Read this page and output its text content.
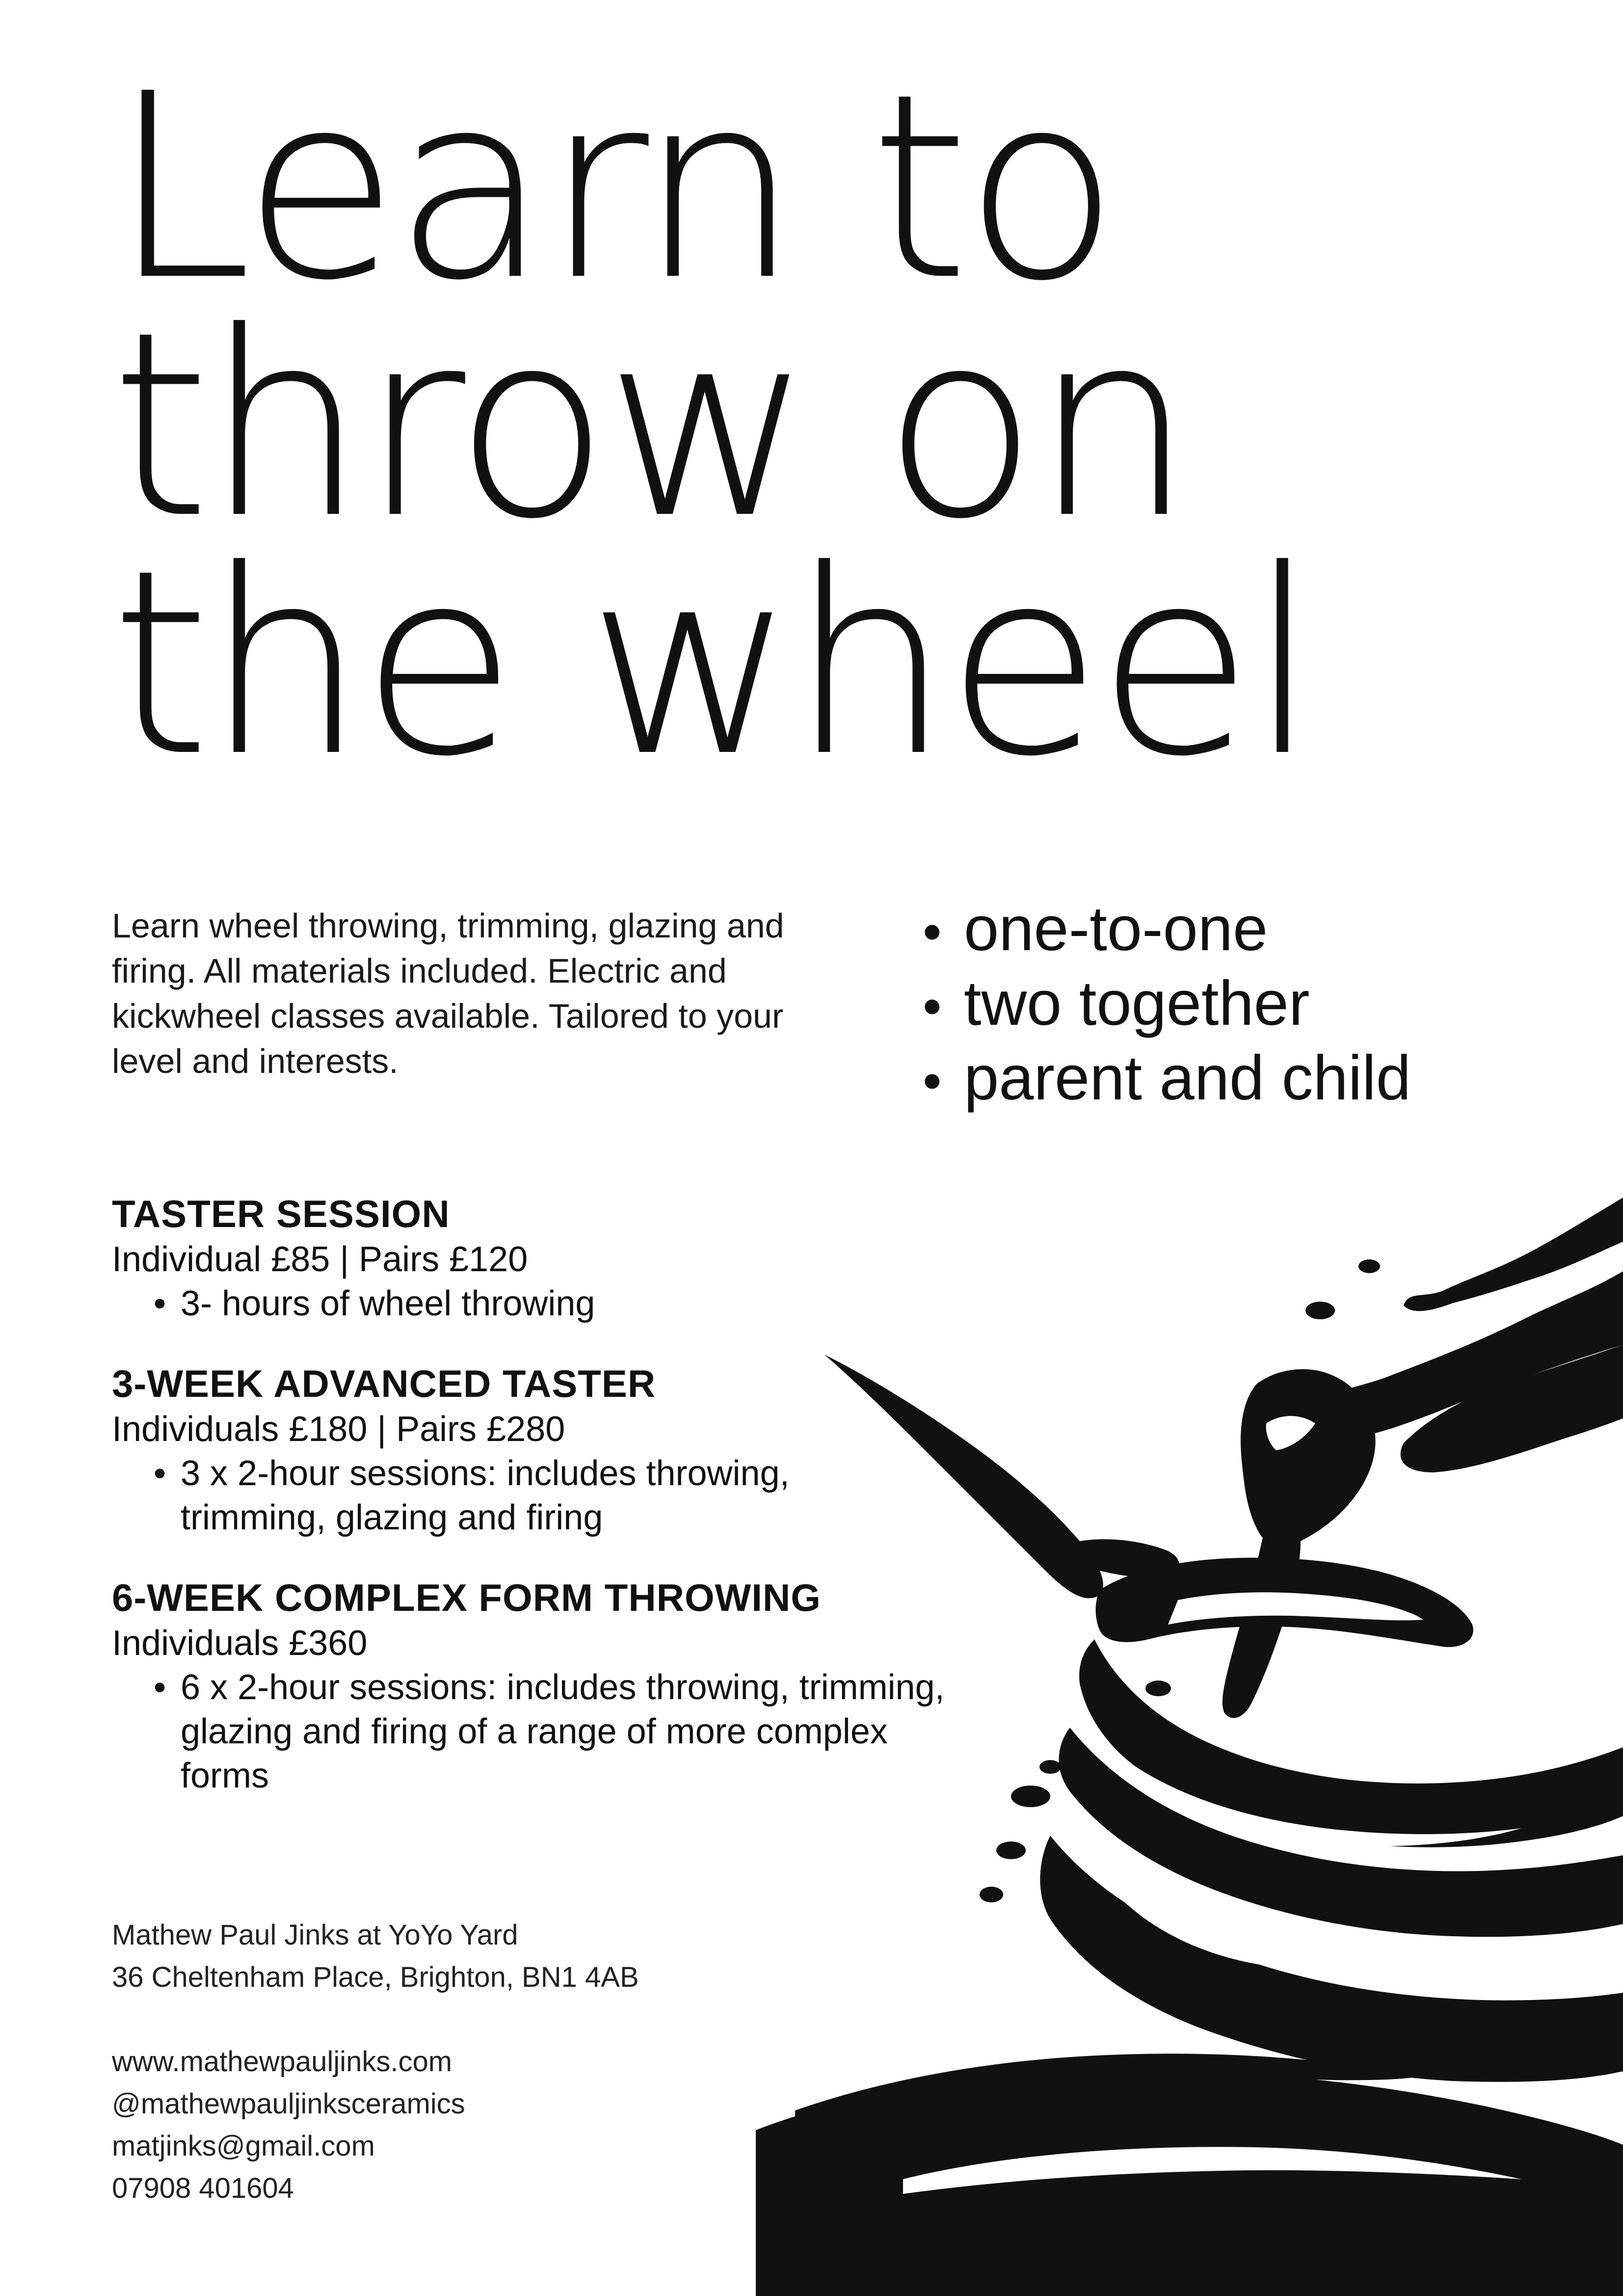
Learn to
throw on
the wheel

Learn wheel throwing, trimming, glazing and firing. All materials included. Electric and kickwheel classes available. Tailored to your level and interests.

• one-to-one
• two together
• parent and child
TASTER SESSION
Individual £85 | Pairs £120
• 3- hours of wheel throwing
3-WEEK ADVANCED TASTER
Individuals £180 | Pairs £280
• 3 x 2-hour sessions: includes throwing, trimming, glazing and firing
6-WEEK COMPLEX FORM THROWING
Individuals £360
• 6 x 2-hour sessions: includes throwing, trimming, glazing and firing of a range of more complex forms
Mathew Paul Jinks at YoYo Yard
36 Cheltenham Place, Brighton, BN1 4AB
www.mathewpauljinks.com
@mathewpauljinksceramics
matjinks@gmail.com
07908 401604
